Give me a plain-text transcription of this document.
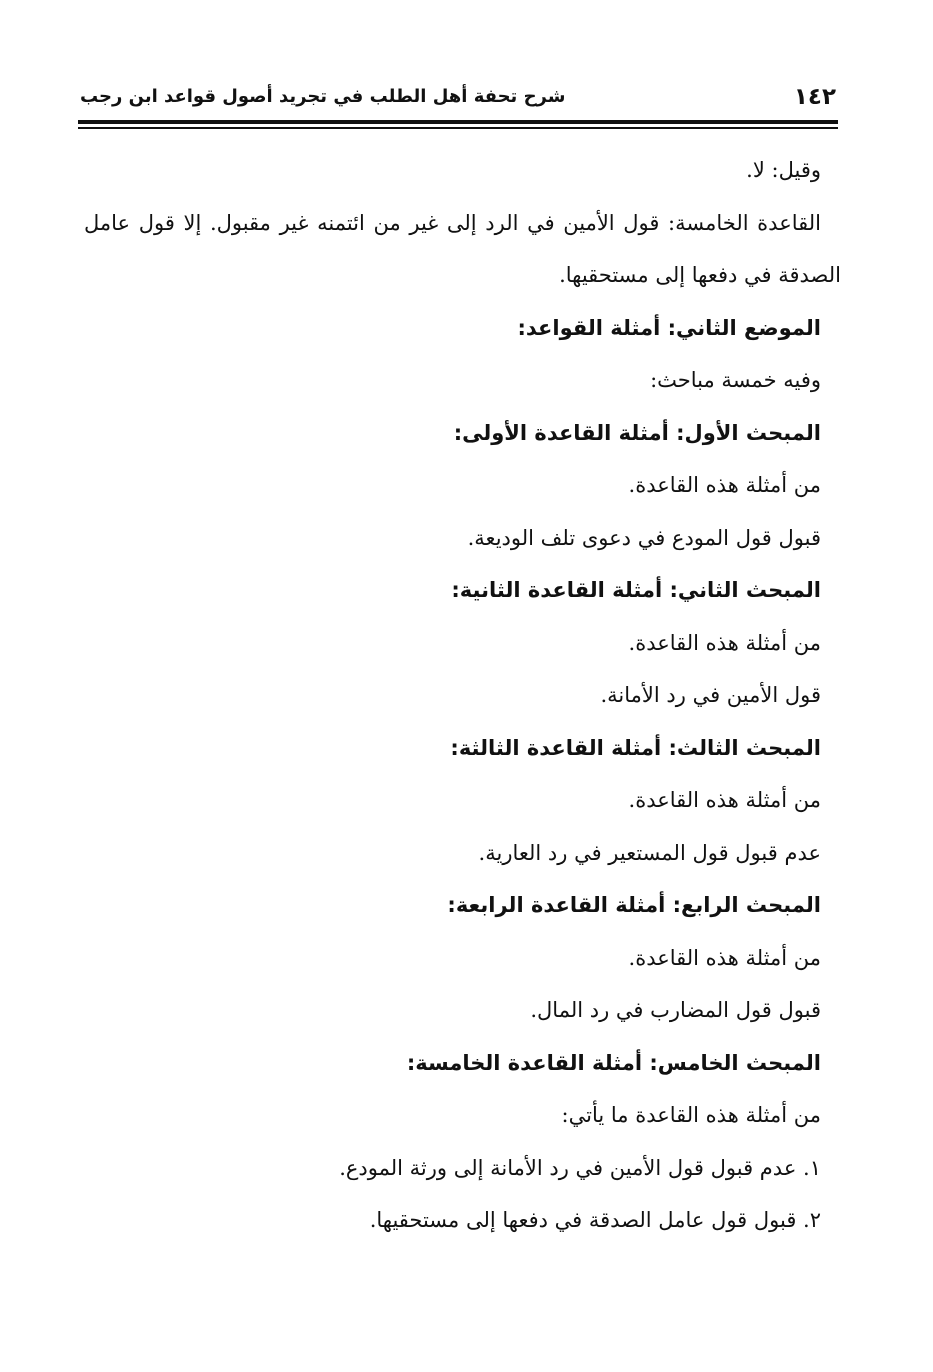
١٤٢
شرح تحفة أهل الطلب في تجريد أصول قواعد ابن رجب
وقيل: لا.
القاعدة الخامسة: قول الأمين في الرد إلى غير من ائتمنه غير مقبول. إلا قول عامل
الصدقة في دفعها إلى مستحقيها.
الموضع الثاني: أمثلة القواعد:
وفيه خمسة مباحث:
المبحث الأول: أمثلة القاعدة الأولى:
من أمثلة هذه القاعدة.
قبول قول المودع في دعوى تلف الوديعة.
المبحث الثاني: أمثلة القاعدة الثانية:
من أمثلة هذه القاعدة.
قول الأمين في رد الأمانة.
المبحث الثالث: أمثلة القاعدة الثالثة:
من أمثلة هذه القاعدة.
عدم قبول قول المستعير في رد العارية.
المبحث الرابع: أمثلة القاعدة الرابعة:
من أمثلة هذه القاعدة.
قبول قول المضارب في رد المال.
المبحث الخامس: أمثلة القاعدة الخامسة:
من أمثلة هذه القاعدة ما يأتي:
١. عدم قبول قول الأمين في رد الأمانة إلى ورثة المودع.
٢. قبول قول عامل الصدقة في دفعها إلى مستحقيها.
